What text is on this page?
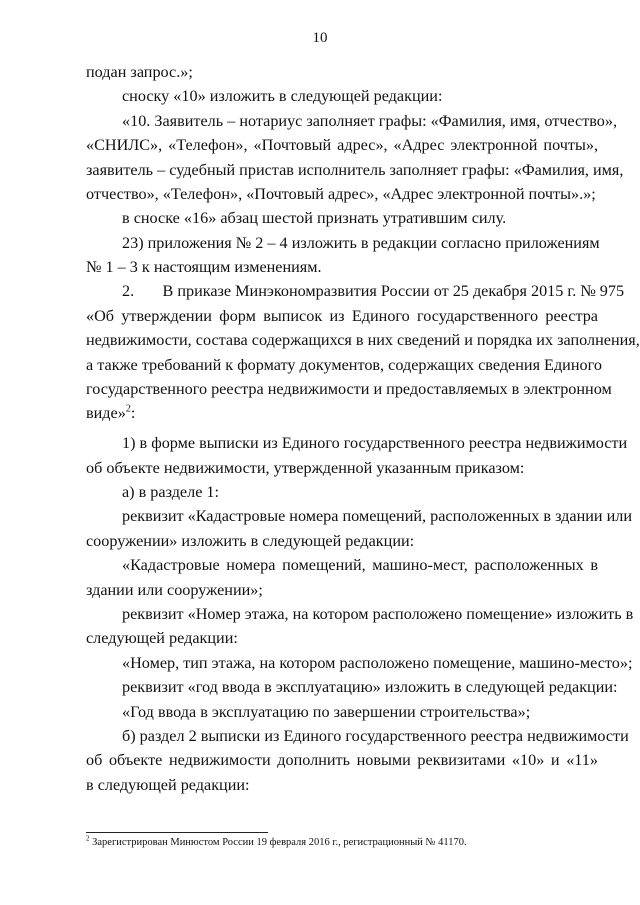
10
подан запрос.»;
сноску «10» изложить в следующей редакции:
«10. Заявитель – нотариус заполняет графы: «Фамилия, имя, отчество»,
«СНИЛС», «Телефон», «Почтовый адрес», «Адрес электронной почты»,
заявитель – судебный пристав исполнитель заполняет графы: «Фамилия, имя,
отчество», «Телефон», «Почтовый адрес», «Адрес электронной почты».»;
в сноске «16» абзац шестой признать утратившим силу.
23) приложения № 2 – 4 изложить в редакции согласно приложениям
№ 1 – 3 к настоящим изменениям.
2.       В приказе Минэкономразвития России от 25 декабря 2015 г. № 975
«Об утверждении форм выписок из Единого государственного реестра
недвижимости, состава содержащихся в них сведений и порядка их заполнения,
а также требований к формату документов, содержащих сведения Единого
государственного реестра недвижимости и предоставляемых в электронном
виде»$^2$:
1) в форме выписки из Единого государственного реестра недвижимости
об объекте недвижимости, утвержденной указанным приказом:
а) в разделе 1:
реквизит «Кадастровые номера помещений, расположенных в здании или
сооружении» изложить в следующей редакции:
«Кадастровые номера помещений, машино-мест, расположенных в
здании или сооружении»;
реквизит «Номер этажа, на котором расположено помещение» изложить в
следующей редакции:
«Номер, тип этажа, на котором расположено помещение, машино-место»;
реквизит «год ввода в эксплуатацию» изложить в следующей редакции:
«Год ввода в эксплуатацию по завершении строительства»;
б) раздел 2 выписки из Единого государственного реестра недвижимости
об объекте недвижимости дополнить новыми реквизитами «10» и «11»
в следующей редакции:
$^2$ Зарегистрирован Минюстом России 19 февраля 2016 г., регистрационный № 41170.
